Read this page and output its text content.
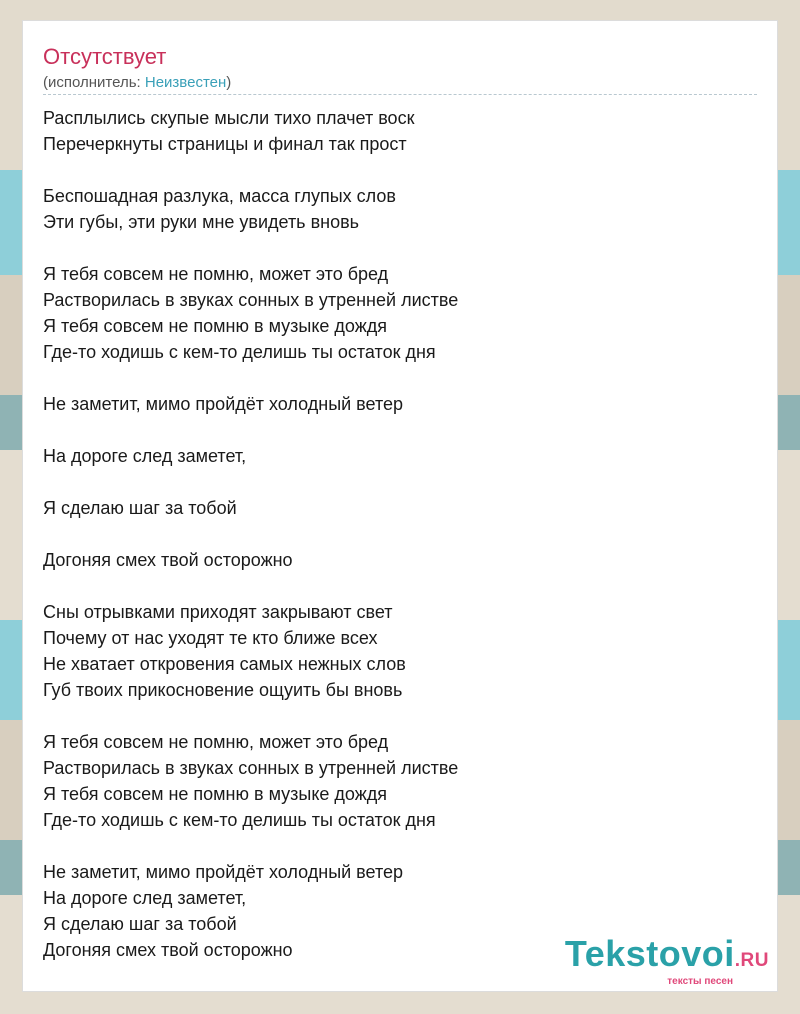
Отсутствует
(исполнитель: Неизвестен)
Расплылись скупые мысли тихо плачет воск
Перечеркнуты страницы и финал так прост
Беспошадная разлука, масса глупых слов
Эти губы, эти руки мне увидеть вновь
Я тебя совсем не помню, может это бред
Растворилась в звуках сонных в утренней листве
Я тебя совсем не помню в музыке дождя
Где-то ходишь с кем-то делишь ты остаток дня
Не заметит, мимо пройдёт холодный ветер
На дороге след заметет,
Я сделаю шаг за тобой
Догоняя смех твой осторожно
Сны отрывками приходят закрывают свет
Почему от нас уходят те кто ближе всех
Не хватает откровения самых нежных слов
Губ твоих прикосновение ощуить бы вновь
Я тебя совсем не помню, может это бред
Растворилась в звуках сонных в утренней листве
Я тебя совсем не помню в музыке дождя
Где-то ходишь с кем-то делишь ты остаток дня
Не заметит, мимо пройдёт холодный ветер
На дороге след заметет,
Я сделаю шаг за тобой
Догоняя смех твой осторожно	Tekstovoi.RU
тексты песен
